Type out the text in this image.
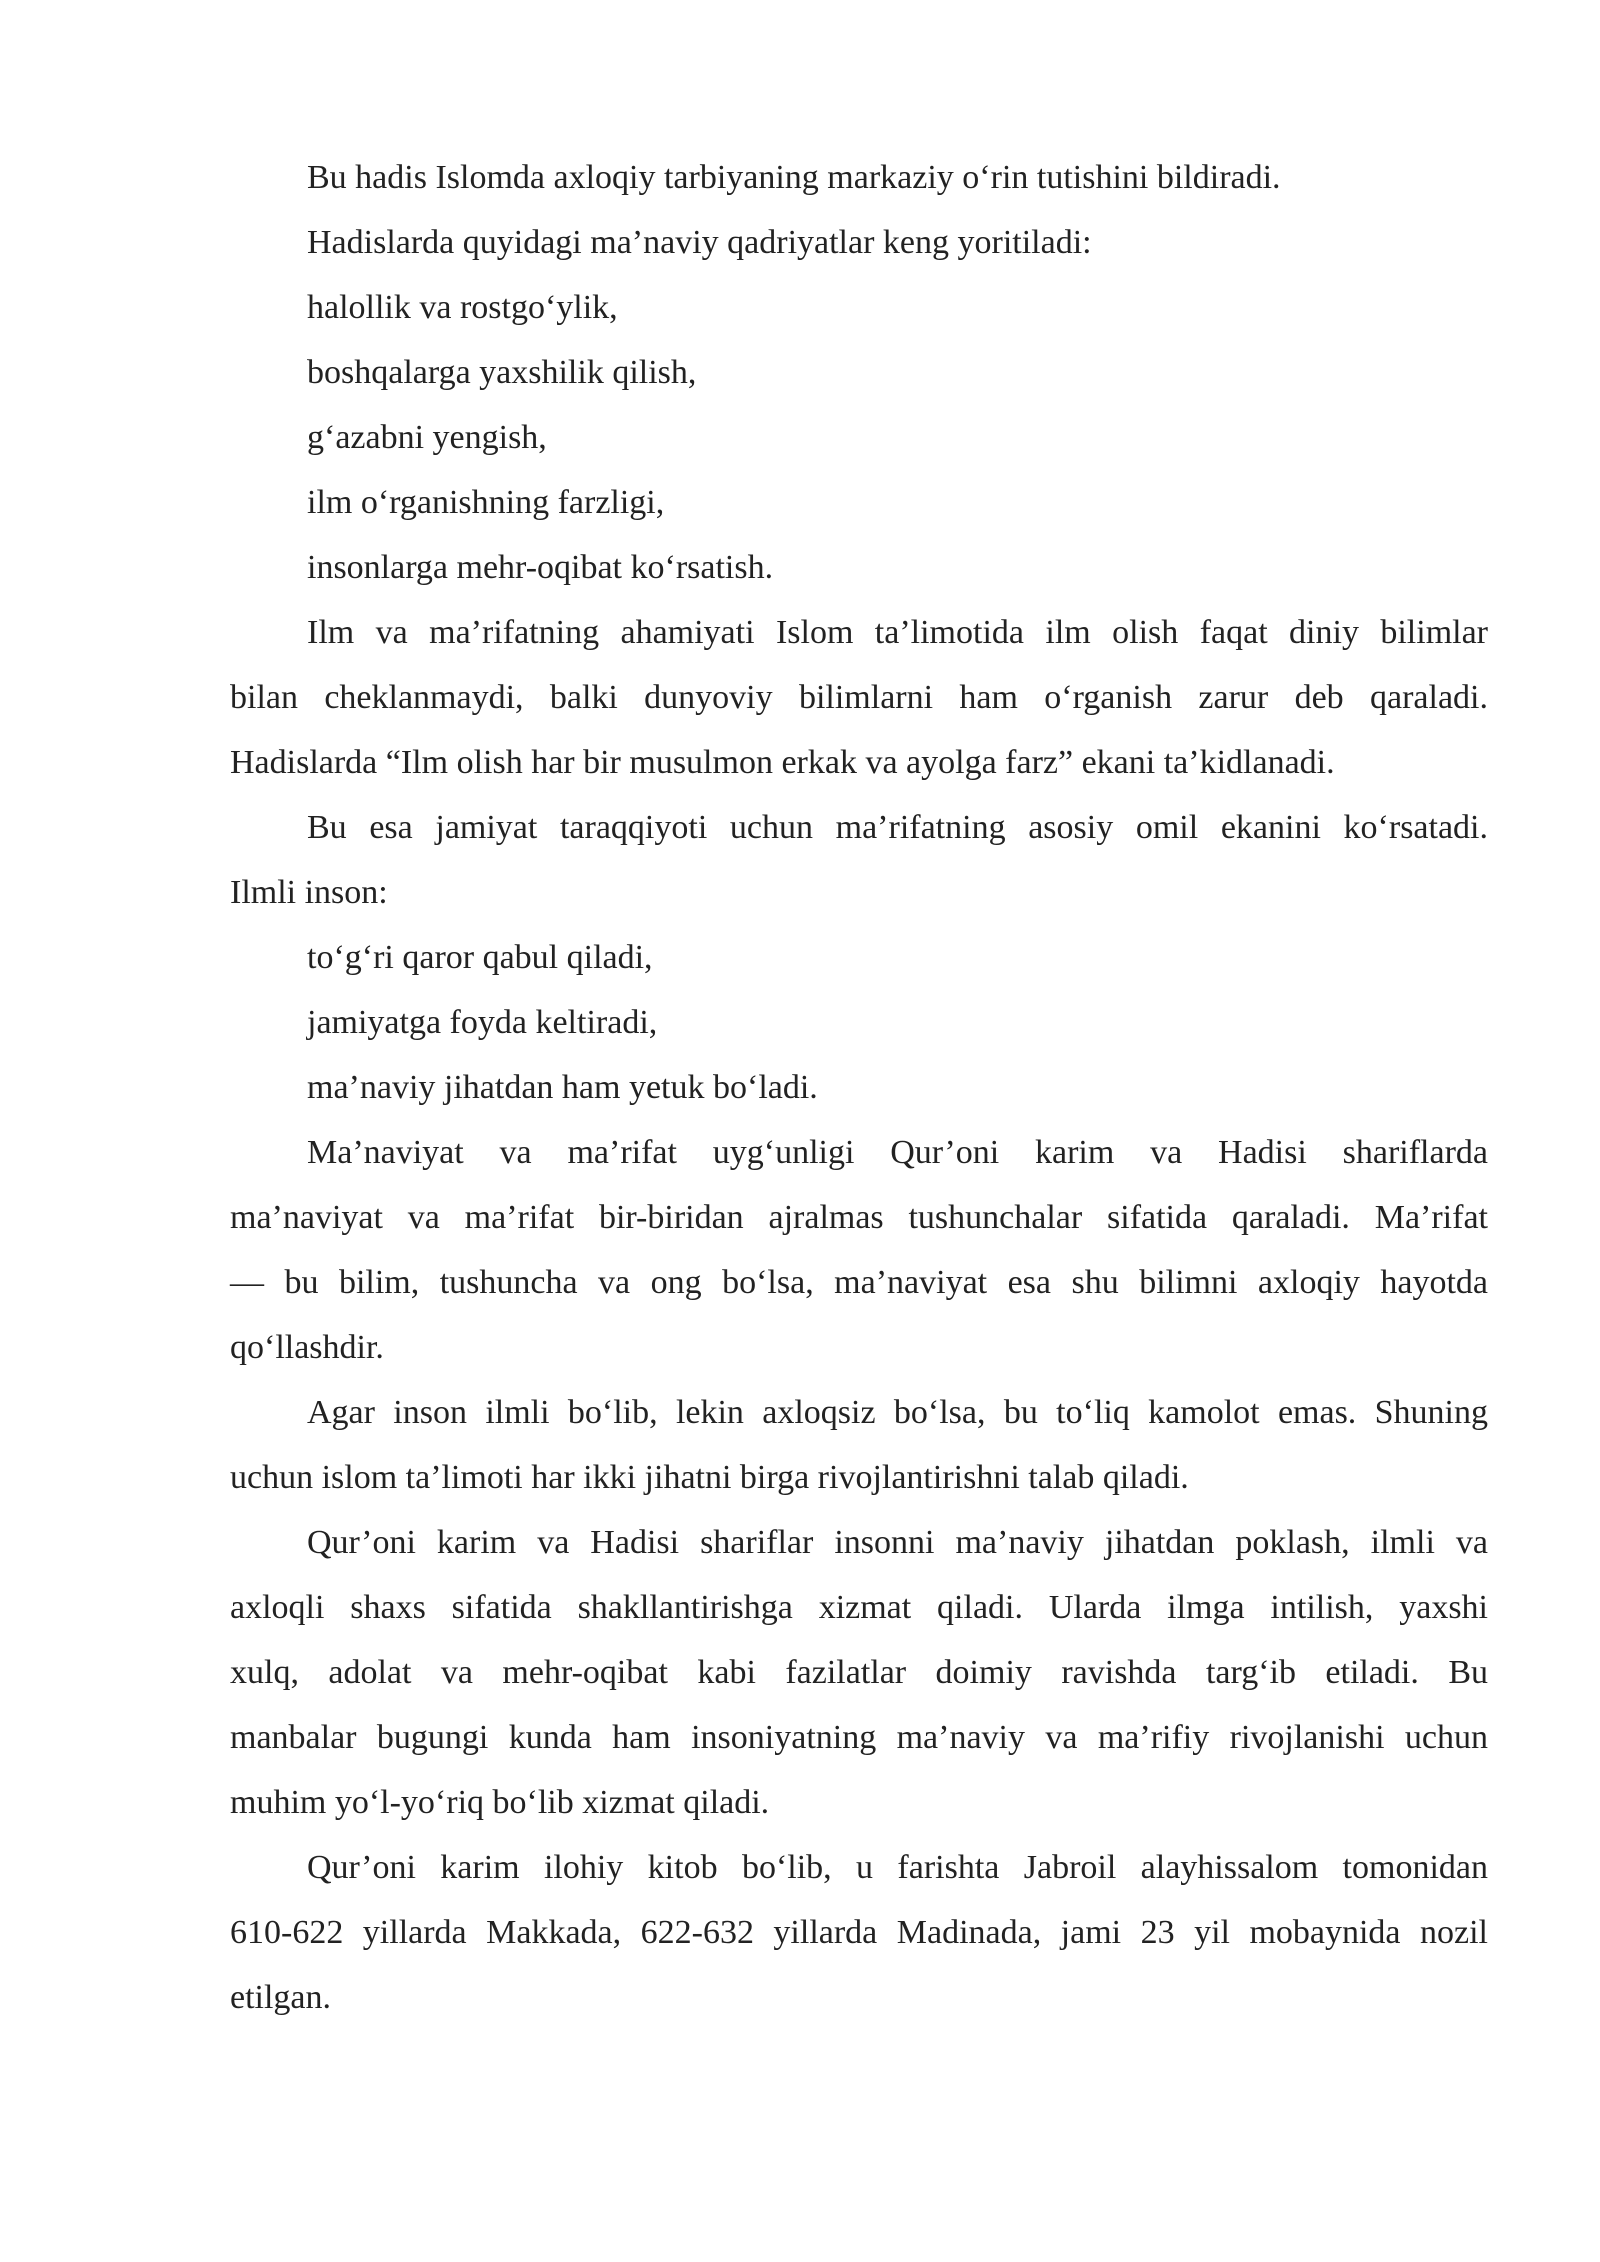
Bu hadis Islomda axloqiy tarbiyaning markaziy o‘rin tutishini bildiradi.
Hadislarda quyidagi ma’naviy qadriyatlar keng yoritiladi:
halollik va rostgo‘ylik,
boshqalarga yaxshilik qilish,
g‘azabni yengish,
ilm o‘rganishning farzligi,
insonlarga mehr-oqibat ko‘rsatish.
Ilm va ma’rifatning ahamiyati Islom ta’limotida ilm olish faqat diniy bilimlar
bilan cheklanmaydi, balki dunyoviy bilimlarni ham o‘rganish zarur deb qaraladi.
Hadislarda “Ilm olish har bir musulmon erkak va ayolga farz” ekani ta’kidlanadi.
Bu esa jamiyat taraqqiyoti uchun ma’rifatning asosiy omil ekanini ko‘rsatadi.
Ilmli inson:
to‘g‘ri qaror qabul qiladi,
jamiyatga foyda keltiradi,
ma’naviy jihatdan ham yetuk bo‘ladi.
Ma’naviyat va ma’rifat uyg‘unligi Qur’oni karim va Hadisi shariflarda
ma’naviyat va ma’rifat bir-biridan ajralmas tushunchalar sifatida qaraladi. Ma’rifat
— bu bilim, tushuncha va ong bo‘lsa, ma’naviyat esa shu bilimni axloqiy hayotda
qo‘llashdir.
Agar inson ilmli bo‘lib, lekin axloqsiz bo‘lsa, bu to‘liq kamolot emas. Shuning
uchun islom ta’limoti har ikki jihatni birga rivojlantirishni talab qiladi.
Qur’oni karim va Hadisi shariflar insonni ma’naviy jihatdan poklash, ilmli va
axloqli shaxs sifatida shakllantirishga xizmat qiladi. Ularda ilmga intilish, yaxshi
xulq, adolat va mehr-oqibat kabi fazilatlar doimiy ravishda targ‘ib etiladi. Bu
manbalar bugungi kunda ham insoniyatning ma’naviy va ma’rifiy rivojlanishi uchun
muhim yo‘l-yo‘riq bo‘lib xizmat qiladi.
Qur’oni karim ilohiy kitob bo‘lib, u farishta Jabroil alayhissalom tomonidan
610-622 yillarda Makkada, 622-632 yillarda Madinada, jami 23 yil mobaynida nozil
etilgan.
